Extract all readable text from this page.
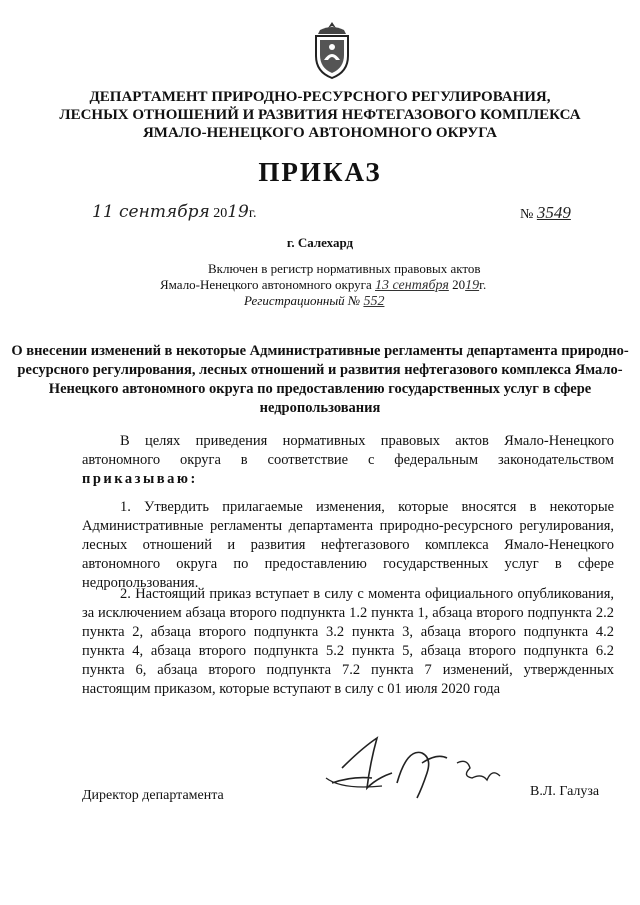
ДЕПАРТАМЕНТ ПРИРОДНО-РЕСУРСНОГО РЕГУЛИРОВАНИЯ,
ЛЕСНЫХ ОТНОШЕНИЙ И РАЗВИТИЯ НЕФТЕГАЗОВОГО КОМПЛЕКСА
ЯМАЛО-НЕНЕЦКОГО АВТОНОМНОГО ОКРУГА
ПРИКАЗ
11 сентября 2019г.	№ 3549
г. Салехард
Включен в регистр нормативных правовых актов
Ямало-Ненецкого автономного округа 13 сентября 2019г.
Регистрационный № 552
О внесении изменений в некоторые Административные регламенты департамента природно-ресурсного регулирования, лесных отношений и развития нефтегазового комплекса Ямало-Ненецкого автономного округа по предоставлению государственных услуг в сфере недропользования
В целях приведения нормативных правовых актов Ямало-Ненецкого автономного округа в соответствие с федеральным законодательством приказываю:
1. Утвердить прилагаемые изменения, которые вносятся в некоторые Административные регламенты департамента природно-ресурсного регулирования, лесных отношений и развития нефтегазового комплекса Ямало-Ненецкого автономного округа по предоставлению государственных услуг в сфере недропользования.
2. Настоящий приказ вступает в силу с момента официального опубликования, за исключением абзаца второго подпункта 1.2 пункта 1, абзаца второго подпункта 2.2 пункта 2, абзаца второго подпункта 3.2 пункта 3, абзаца второго подпункта 4.2 пункта 4, абзаца второго подпункта 5.2 пункта 5, абзаца второго подпункта 6.2 пункта 6, абзаца второго подпункта 7.2 пункта 7 изменений, утвержденных настоящим приказом, которые вступают в силу с 01 июля 2020 года
Директор департамента	В.Л. Галуза
